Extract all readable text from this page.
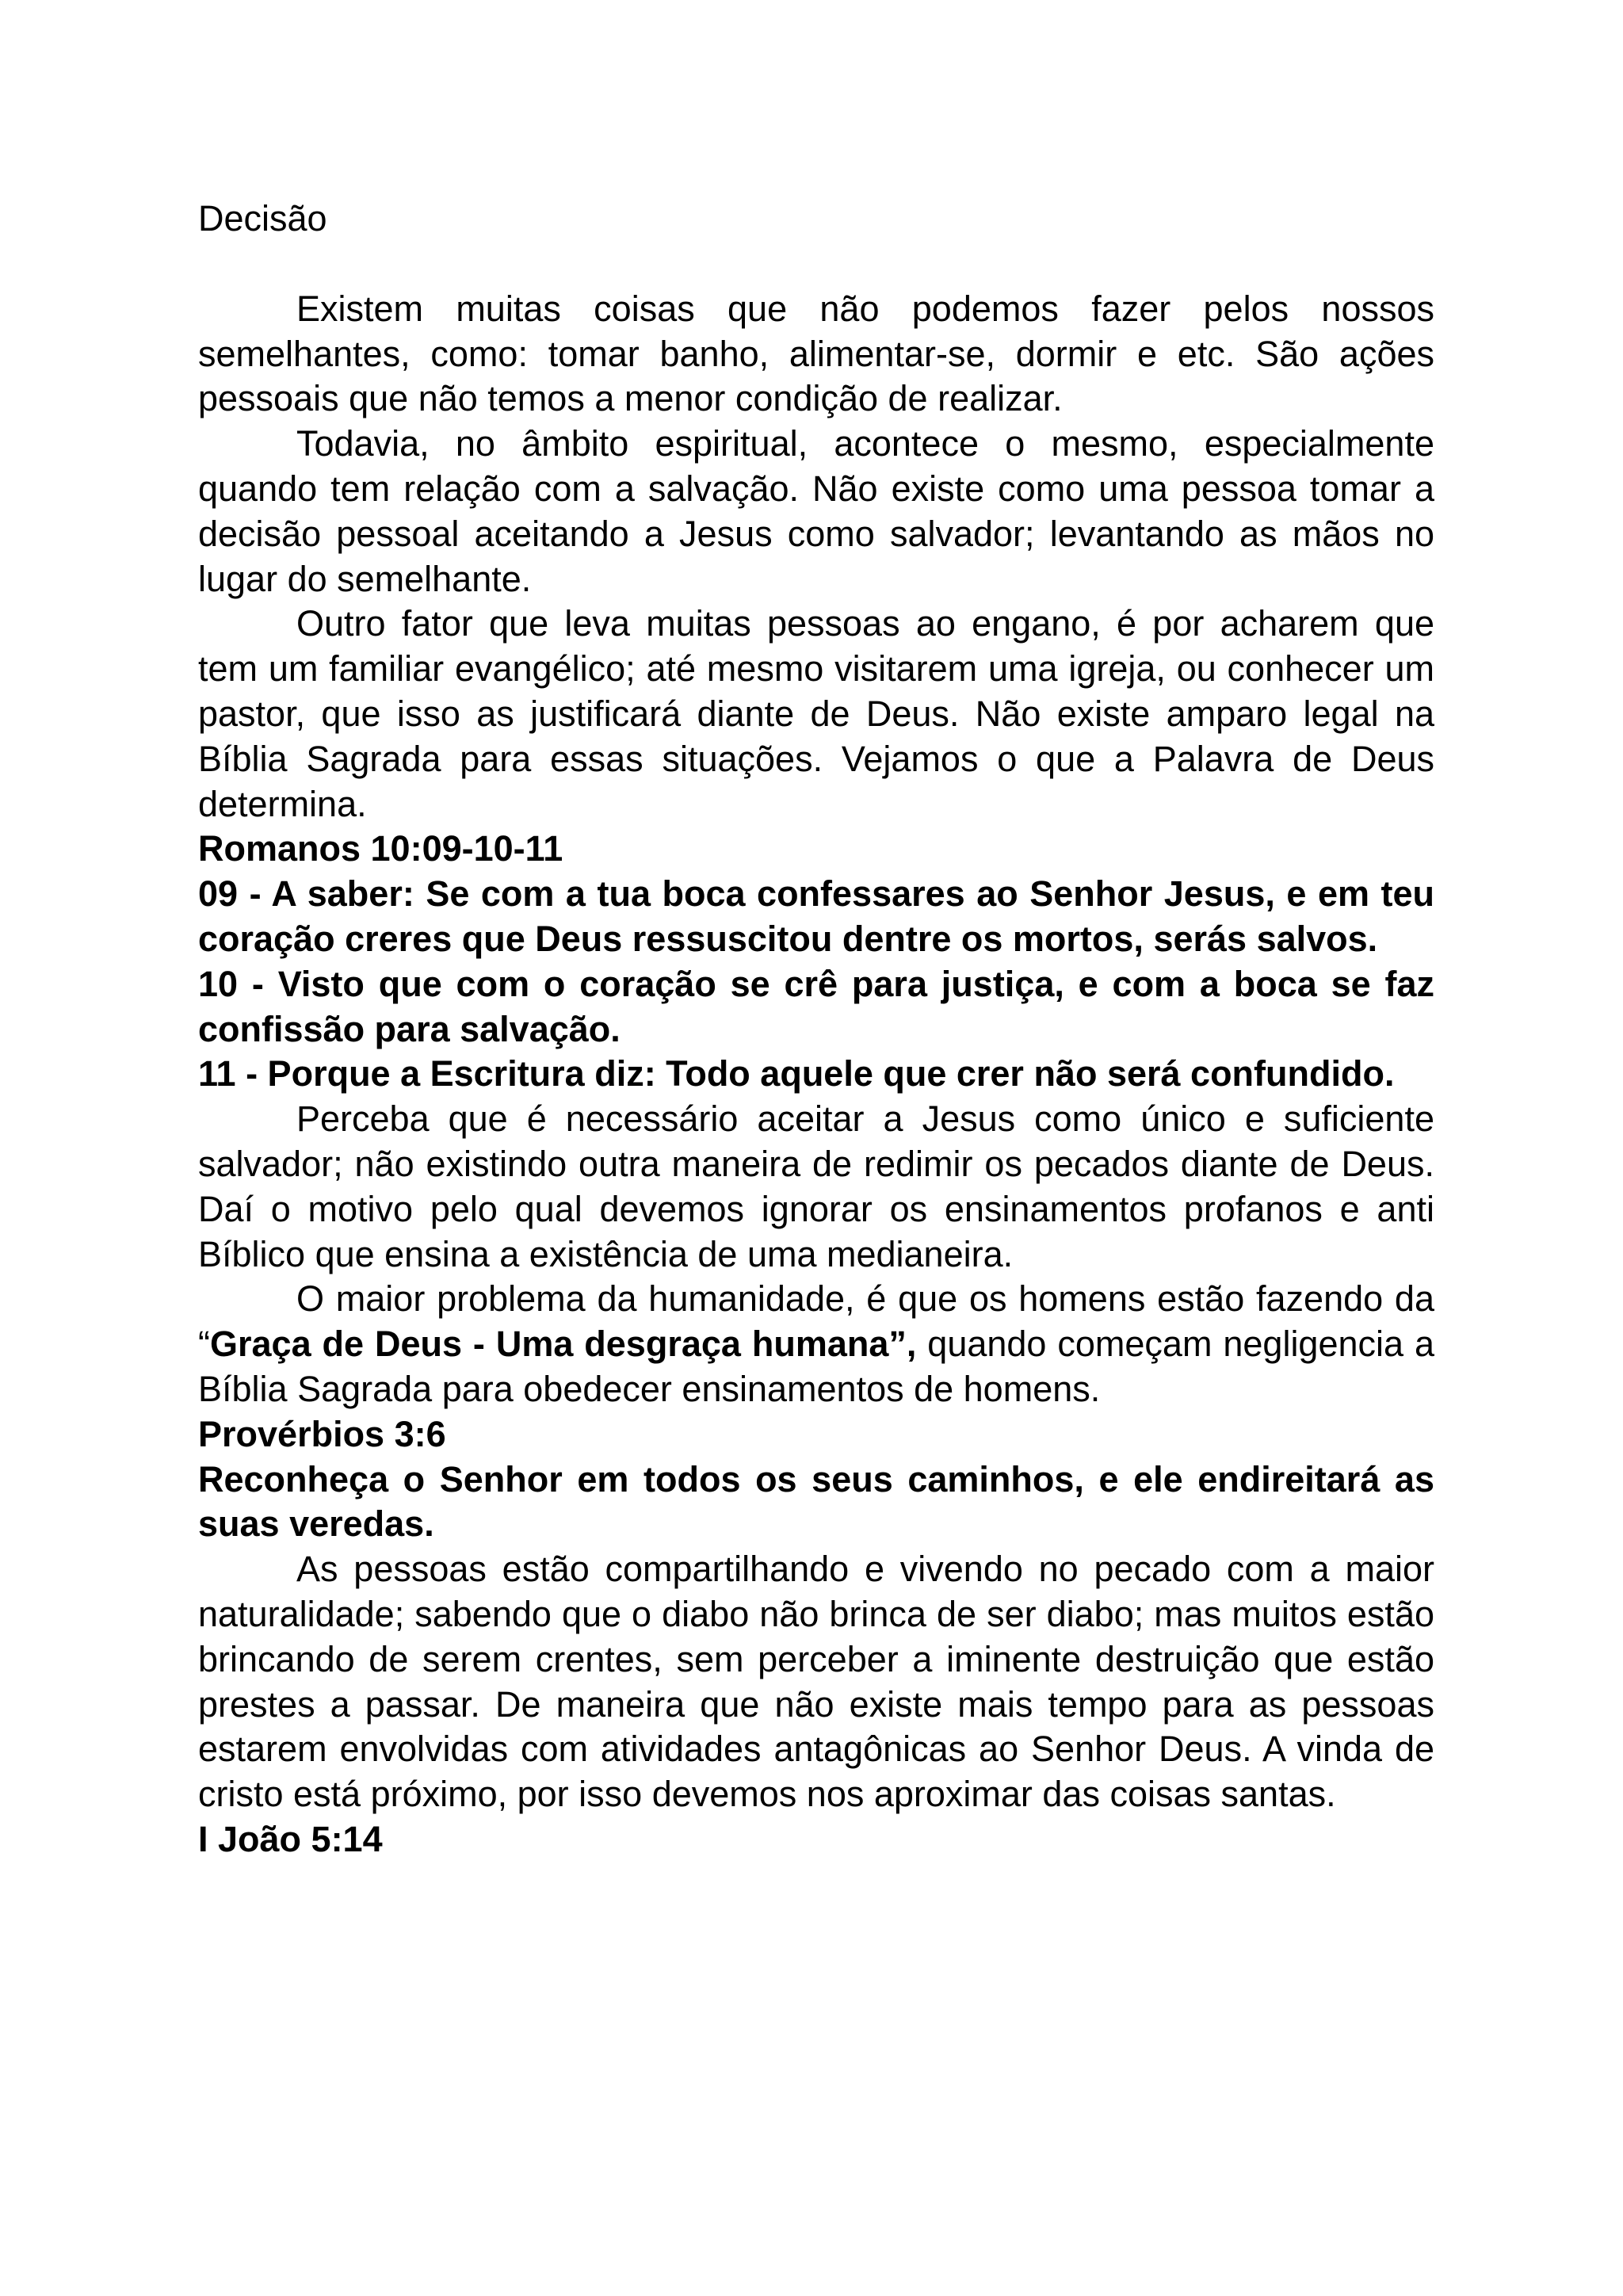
Decisão

Existem muitas coisas que não podemos fazer pelos nossos semelhantes, como: tomar banho, alimentar-se, dormir e etc. São ações pessoais que não temos a menor condição de realizar.

Todavia, no âmbito espiritual, acontece o mesmo, especialmente quando tem relação com a salvação. Não existe como uma pessoa tomar a decisão pessoal aceitando a Jesus como salvador; levantando as mãos no lugar do semelhante.

Outro fator que leva muitas pessoas ao engano, é por acharem que tem um familiar evangélico; até mesmo visitarem uma igreja, ou conhecer um pastor, que isso as justificará diante de Deus. Não existe amparo legal na Bíblia Sagrada para essas situações. Vejamos o que a Palavra de Deus determina.

Romanos 10:09-10-11

09 - A saber: Se com a tua boca confessares ao Senhor Jesus, e em teu coração creres que Deus ressuscitou dentre os mortos, serás salvos.

10 - Visto que com o coração se crê para justiça, e com a boca se faz confissão para salvação.

11 - Porque a Escritura diz: Todo aquele que crer não será confundido.

Perceba que é necessário aceitar a Jesus como único e suficiente salvador; não existindo outra maneira de redimir os pecados diante de Deus. Daí o motivo pelo qual devemos ignorar os ensinamentos profanos e anti Bíblico que ensina a existência de uma medianeira.

O maior problema da humanidade, é que os homens estão fazendo da “Graça de Deus - Uma desgraça humana”, quando começam negligencia a Bíblia Sagrada para obedecer ensinamentos de homens.

Provérbios 3:6

Reconheça o Senhor em todos os seus caminhos, e ele endireitará as suas veredas.

As pessoas estão compartilhando e vivendo no pecado com a maior naturalidade; sabendo que o diabo não brinca de ser diabo; mas muitos estão brincando de serem crentes, sem perceber a iminente destruição que estão prestes a passar. De maneira que não existe mais tempo para as pessoas estarem envolvidas com atividades antagônicas ao Senhor Deus. A vinda de cristo está próximo, por isso devemos nos aproximar das coisas santas.

I João 5:14
